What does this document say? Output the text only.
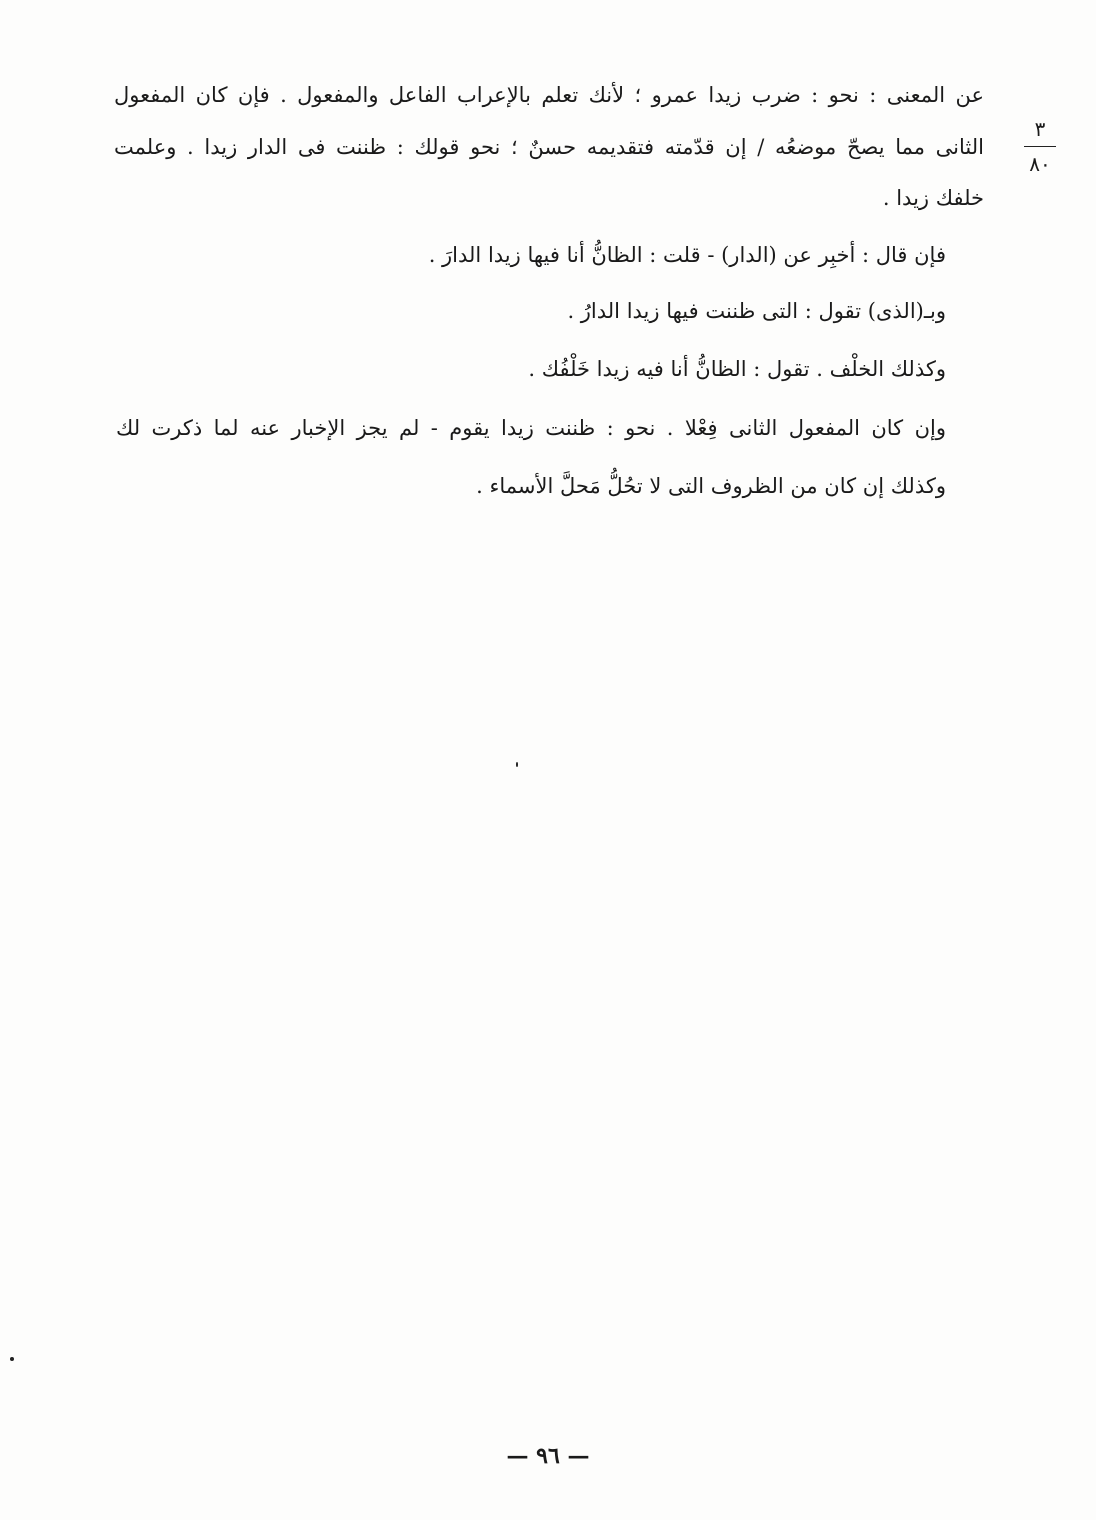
٣
٨٠
عن المعنى : نحو : ضرب زيدا عمرو ؛ لأنك تعلم بالإعراب الفاعل والمفعول . فإن كان المفعول
الثانى مما يصحّ موضعُه / إن قدّمته فتقديمه حسنٌ ؛ نحو قولك : ظننت فى الدار زيدا . وعلمت
خلفك زيدا .
فإن قال : أخبِر عن (الدار) - قلت : الظانُّ أنا فيها زيدا الدارَ .
وبـ(الذى) تقول : التى ظننت فيها زيدا الدارُ .
وكذلك الخلْف . تقول : الظانُّ أنا فيه زيدا خَلْفُك .
وإن كان المفعول الثانى فِعْلا . نحو : ظننت زيدا يقوم - لم يجز الإخبار عنه لما ذكرت لك
وكذلك إن كان من الظروف التى لا تحُلُّ مَحلَّ الأسماء .
— ٩٦ —
